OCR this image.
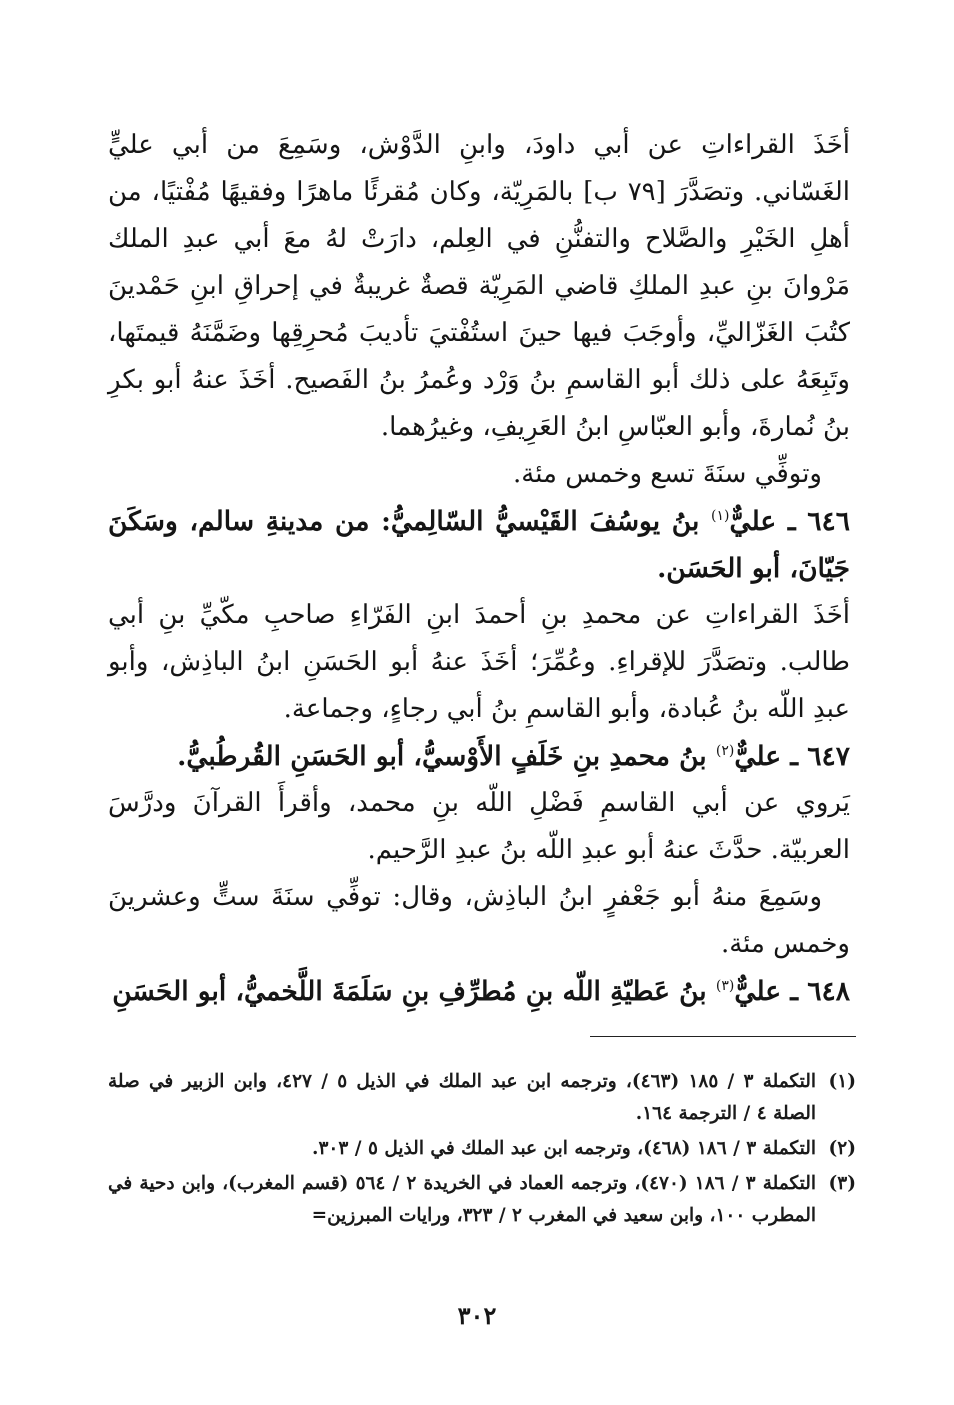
أخَذَ القراءاتِ عن أبي داودَ، وابنِ الدَّوْش، وسَمِعَ من أبي عليٍّ الغَسّاني. وتصَدَّرَ [٧٩ ب] بالمَرِيّة، وكان مُقرئًا ماهرًا وفقيهًا مُفْتيًا، من أهلِ الخَيْرِ والصَّلاح والتفنُّنِ في العِلم، دارَتْ لهُ معَ أبي عبدِ الملك مَرْوانَ بنِ عبدِ الملكِ قاضي المَرِيّة قصةٌ غريبةٌ في إحراقِ ابنِ حَمْدينَ كتُبَ الغَزّاليِّ، وأوجَبَ فيها حينَ استُفْتيَ تأديبَ مُحرِقِها وضَمَّنَهُ قيمتَها، وتَبِعَهُ على ذلك أبو القاسمِ بنُ وَرْد وعُمرُ بنُ الفَصيح. أخَذَ عنهُ أبو بكرِ بنُ نُمارةَ، وأبو العبّاسِ ابنُ العَرِيفِ، وغيرُهما.

وتوفِّي سنَةَ تسع وخمس مئة.

٦٤٦ ـ عليٌّ$^{(١)}$ بنُ يوسُفَ القَيْسيُّ السّالِميُّ: من مدينةِ سالم، وسَكَنَ جَيّانَ، أبو الحَسَن.

أخَذَ القراءاتِ عن محمدِ بنِ أحمدَ ابنِ الفَرّاءِ صاحبِ مكّيِّ بنِ أبي طالب. وتصَدَّرَ للإقراءِ. وعُمِّرَ؛ أخَذَ عنهُ أبو الحَسَنِ ابنُ الباذِش، وأبو عبدِ اللّه بنُ عُبادة، وأبو القاسمِ بنُ أبي رجاءٍ، وجماعة.

٦٤٧ ـ عليٌّ$^{(٢)}$ بنُ محمدِ بنِ خَلَفٍ الأَوْسيُّ، أبو الحَسَنِ القُرطُبيُّ.

يَروي عن أبي القاسمِ فَضْلِ اللّه بنِ محمد، وأقرأَ القرآنَ ودرَّسَ العربيّة. حدَّثَ عنهُ أبو عبدِ اللّه بنُ عبدِ الرَّحيم.

وسَمِعَ منهُ أبو جَعْفرٍ ابنُ الباذِش، وقال: توفِّي سنَةَ ستٍّ وعشرينَ وخمس مئة.

٦٤٨ ـ عليٌّ$^{(٣)}$ بنُ عَطيّةِ اللّه بنِ مُطرِّفِ بنِ سَلَمَةَ اللَّخميُّ، أبو الحَسَنِ

(١)
التكملة ٣ / ١٨٥ (٤٦٣)، وترجمه ابن عبد الملك في الذيل ٥ / ٤٢٧، وابن الزبير في صلة الصلة ٤ / الترجمة ١٦٤.
(٢)
التكملة ٣ / ١٨٦ (٤٦٨)، وترجمه ابن عبد الملك في الذيل ٥ / ٣٠٣.
(٣)
التكملة ٣ / ١٨٦ (٤٧٠)، وترجمه العماد في الخريدة ٢ / ٥٦٤ (قسم المغرب)، وابن دحية في المطرب ١٠٠، وابن سعيد في المغرب ٢ / ٣٢٣، ورايات المبرزين=
٣٠٢
